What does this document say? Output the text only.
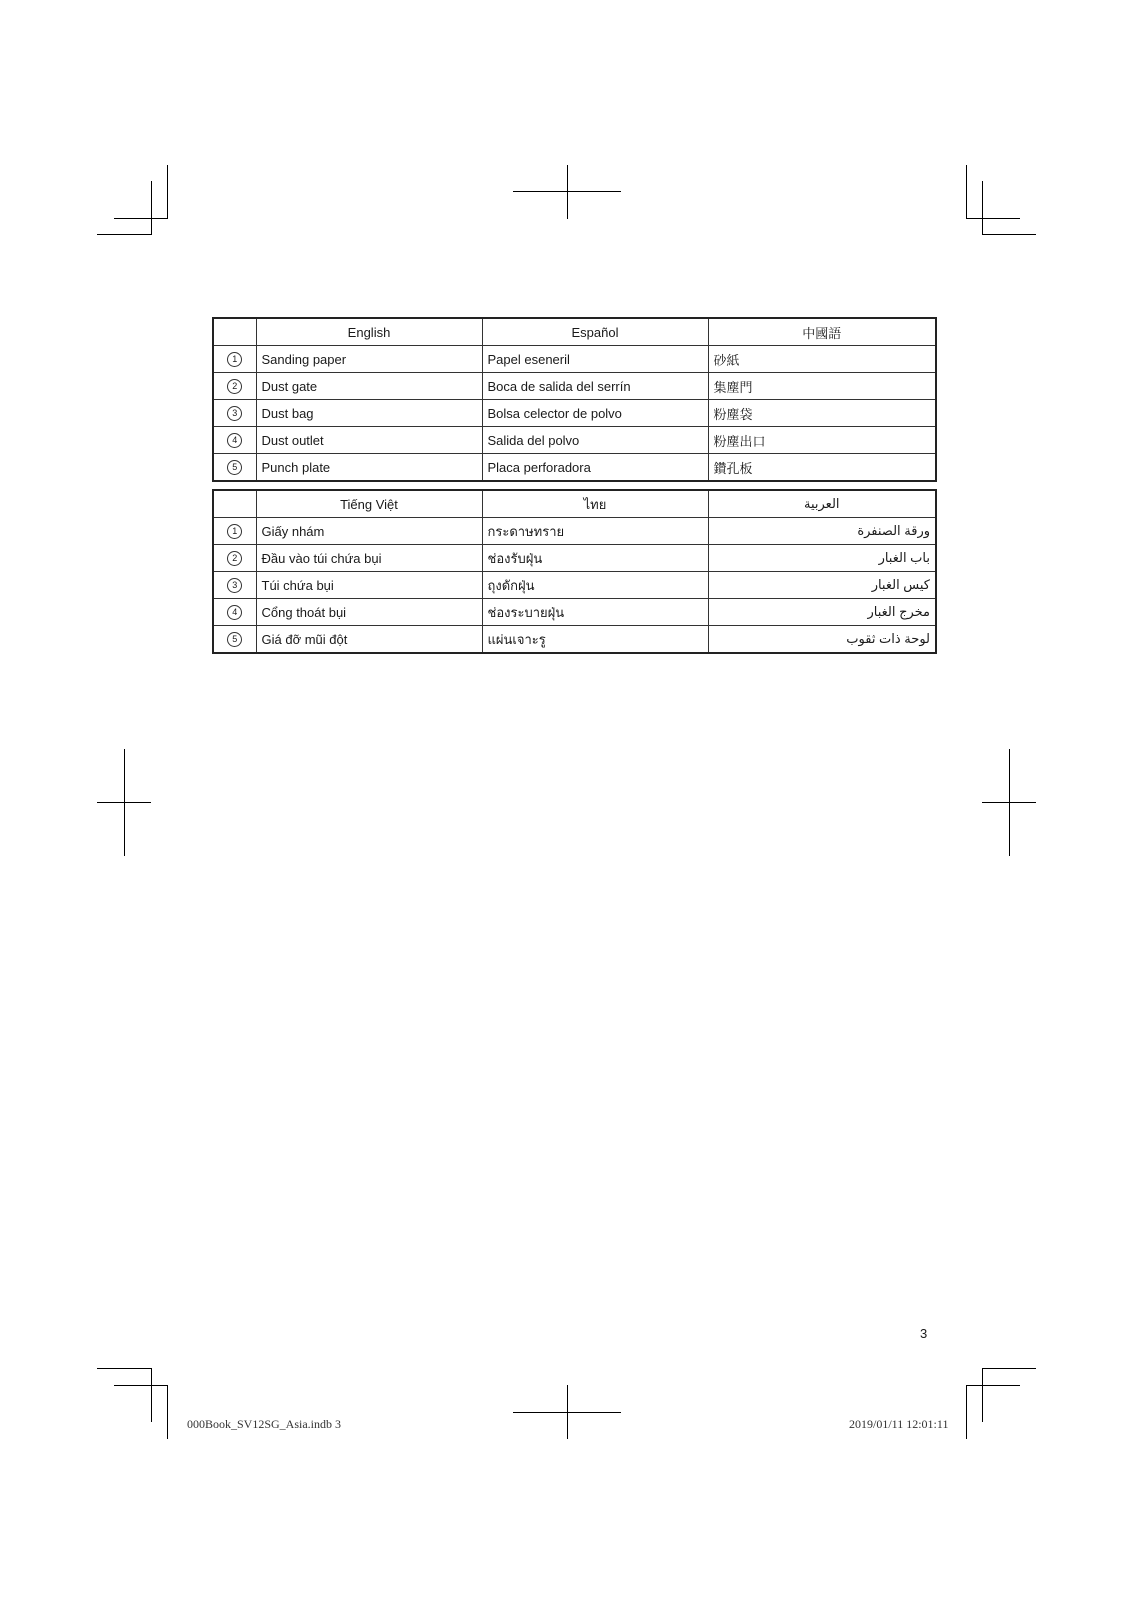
	English	Español	中國語
1	Sanding paper	Papel eseneril	砂紙
2	Dust gate	Boca de salida del serrín	集塵門
3	Dust bag	Bolsa celector de polvo	粉塵袋
4	Dust outlet	Salida del polvo	粉塵出口
5	Punch plate	Placa perforadora	鑽孔板
	Tiếng Việt	ไทย	العربية
1	Giấy nhám	กระดาษทราย	ورقة الصنفرة
2	Đầu vào túi chứa bụi	ช่องรับฝุ่น	باب الغبار
3	Túi chứa bụi	ถุงดักฝุ่น	كيس الغبار
4	Cổng thoát bụi	ช่องระบายฝุ่น	مخرج الغبار
5	Giá đỡ mũi đột	แผ่นเจาะรู	لوحة ذات ثقوب
3
000Book_SV12SG_Asia.indb 3	2019/01/11 12:01:11
